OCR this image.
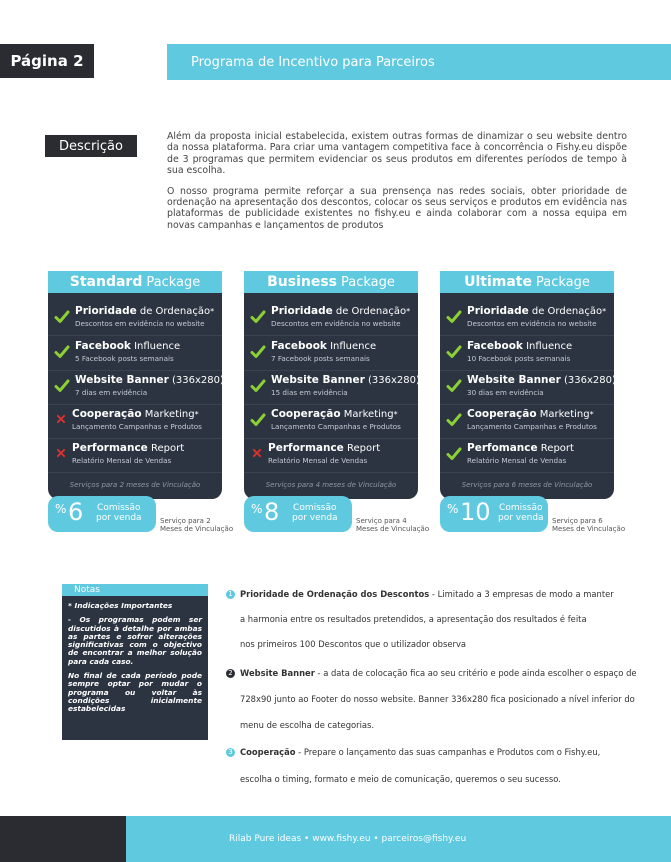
Página 2	Programa de Incentivo para Parceiros
Descrição

Além da proposta inicial estabelecida, existem outras formas de dinamizar o seu website dentro da nossa plataforma. Para criar uma vantagem competitiva face à concorrência o Fishy.eu dispõe de 3 programas que permitem evidenciar os seus produtos em diferentes períodos de tempo à sua escolha.

O nosso programa permite reforçar a sua prensença nas redes sociais, obter prioridade de ordenação na apresentação dos descontos, colocar os seus serviços e produtos em evidência nas plataformas de publicidade existentes no fishy.eu e ainda colaborar com a nossa equipa em novas campanhas e lançamentos de produtos

Standard Package
Prioridade de Ordenação*
Descontos em evidência no website
Facebook Influence
5 Facebook posts semanais
Website Banner (336x280)*
7 dias em evidência
Cooperação Marketing*
Lançamento Campanhas e Produtos
Performance Report
Relatório Mensal de Vendas
Serviços para 2 meses de Vinculação
% 6 Comissão
por venda	Serviço para 2
Meses de Vinculação
Business Package
Prioridade de Ordenação*
Descontos em evidência no website
Facebook Influence
7 Facebook posts semanais
Website Banner (336x280)*
15 dias em evidência
Cooperação Marketing*
Lançamento Campanhas e Produtos
Performance Report
Relatório Mensal de Vendas
Serviços para 4 meses de Vinculação
% 8 Comissão
por venda	Serviço para 4
Meses de Vinculação
Ultimate Package
Prioridade de Ordenação*
Descontos em evidência no website
Facebook Influence
10 Facebook posts semanais
Website Banner (336x280)*
30 dias em evidência
Cooperação Marketing*
Lançamento Campanhas e Produtos
Perfomance Report
Relatório Mensal de Vendas
Serviços para 6 meses de Vinculação
% 10 Comissão
por venda Serviço para 6
Meses de Vinculação
Notas

* Indicações Importantes

- Os programas podem ser discutidos à detalhe por ambas as partes e sofrer alterações significativas com o objectivo de encontrar a melhor solução para cada caso.

No final de cada período pode sempre optar por mudar o programa ou voltar às condições inicialmente estabelecidas

1 Prioridade de Ordenação dos Descontos - Limitado a 3 empresas de modo a manter
a harmonia entre os resultados pretendidos, a apresentação dos resultados é feita
nos primeiros 100 Descontos que o utilizador observa
2 Website Banner - a data de colocação fica ao seu critério e pode ainda escolher o espaço de
728x90 junto ao Footer do nosso website. Banner 336x280 fica posicionado a nível inferior do
menu de escolha de categorias.
3 Cooperação - Prepare o lançamento das suas campanhas e Produtos com o Fishy.eu,
escolha o timing, formato e meio de comunicação, queremos o seu sucesso.
Rilab Pure ideas • www.fishy.eu • parceiros@fishy.eu
